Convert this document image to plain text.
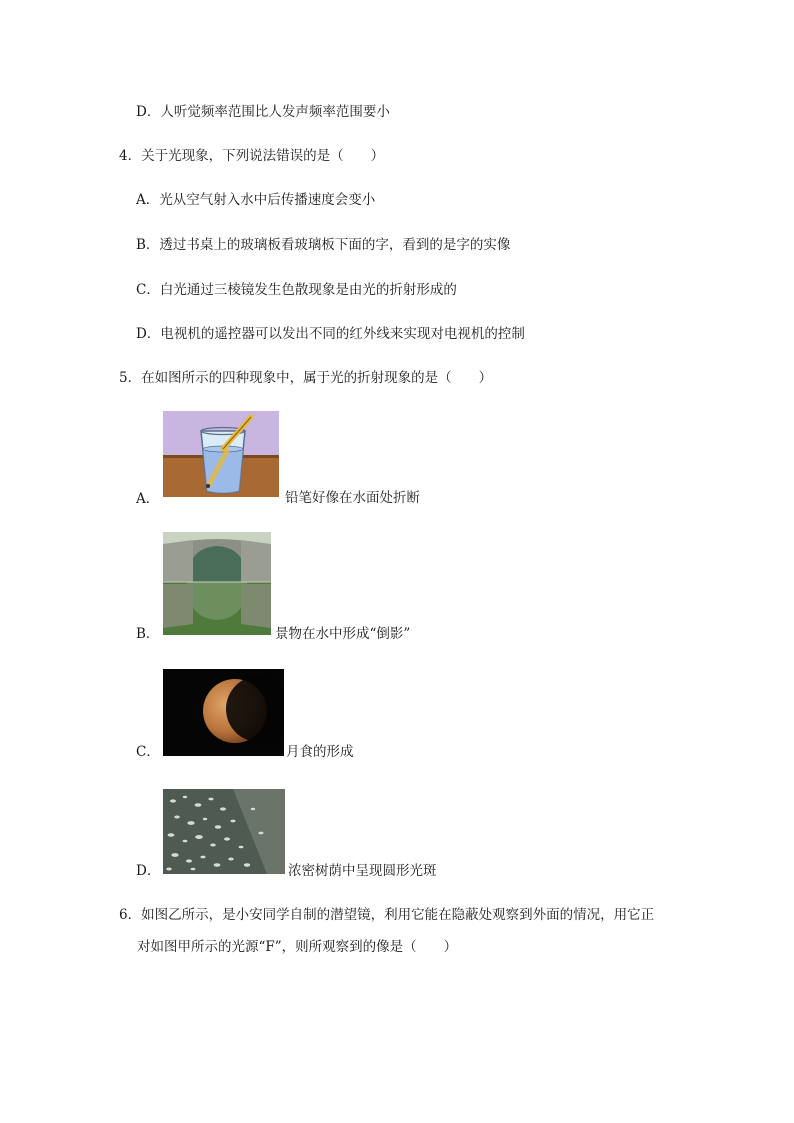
D．人听觉频率范围比人发声频率范围要小
4．关于光现象，下列说法错误的是（　　）
A．光从空气射入水中后传播速度会变小
B．透过书桌上的玻璃板看玻璃板下面的字，看到的是字的实像
C．白光通过三棱镜发生色散现象是由光的折射形成的
D．电视机的遥控器可以发出不同的红外线来实现对电视机的控制
5．在如图所示的四种现象中，属于光的折射现象的是（　　）
A．	铅笔好像在水面处折断
B．	景物在水中形成“倒影”
C．	月食的形成
D．	浓密树荫中呈现圆形光斑
6．如图乙所示，是小安同学自制的潜望镜，利用它能在隐蔽处观察到外面的情况，用它正
对如图甲所示的光源“F”，则所观察到的像是（　　）
